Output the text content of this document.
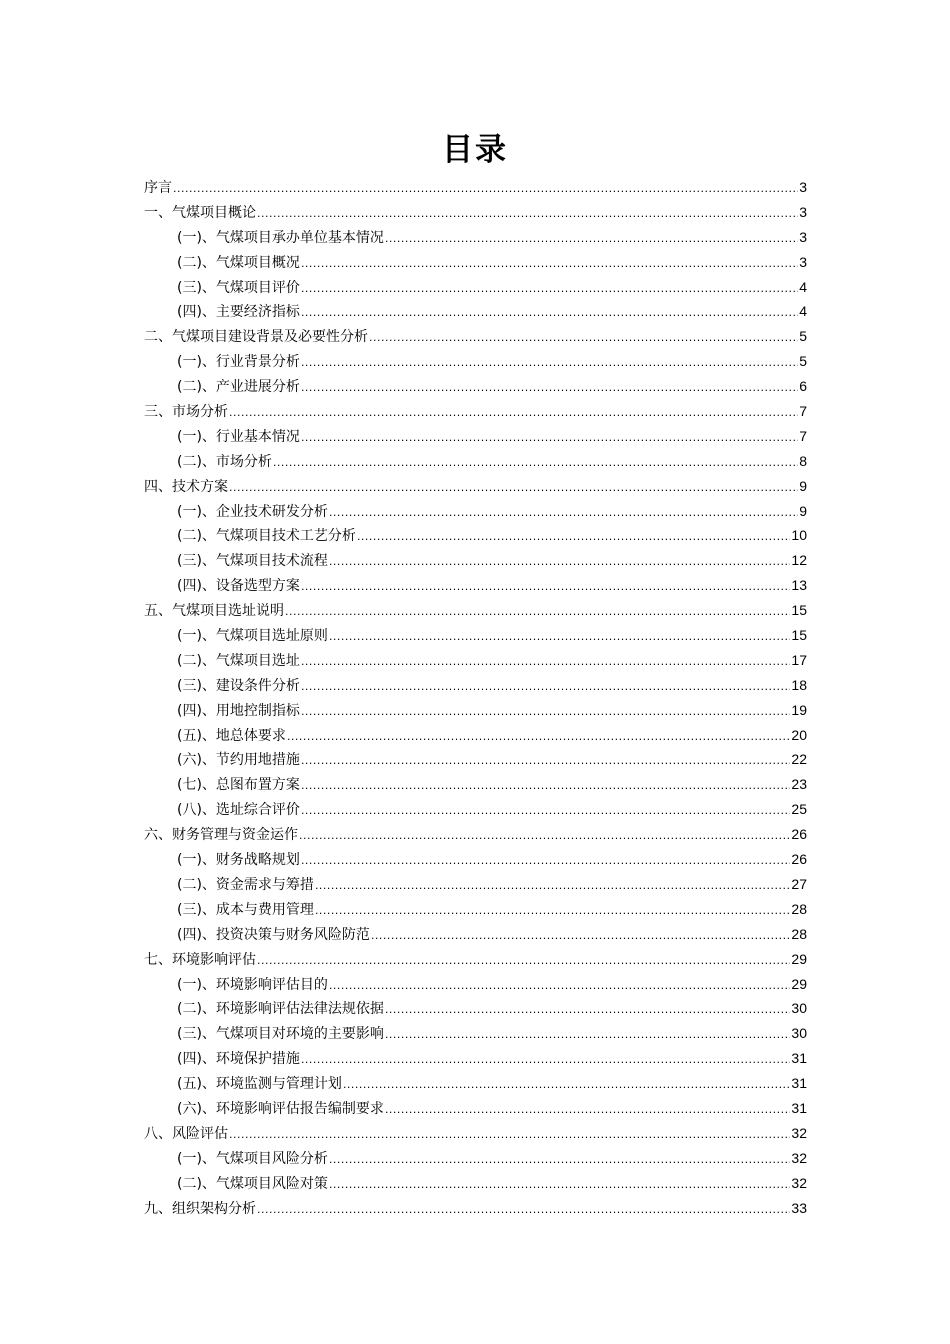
目录
序言 .....	3
一、气煤项目概论 .....	3
(一)、气煤项目承办单位基本情况 .....	3
(二)、气煤项目概况 .....	3
(三)、气煤项目评价 .....	4
(四)、主要经济指标 .....	4
二、气煤项目建设背景及必要性分析 .....	5
(一)、行业背景分析 .....	5
(二)、产业进展分析 .....	6
三、市场分析 .....	7
(一)、行业基本情况 .....	7
(二)、市场分析 .....	8
四、技术方案 .....	9
(一)、企业技术研发分析 .....	9
(二)、气煤项目技术工艺分析 .....	10
(三)、气煤项目技术流程 .....	12
(四)、设备选型方案 .....	13
五、气煤项目选址说明 .....	15
(一)、气煤项目选址原则 .....	15
(二)、气煤项目选址 .....	17
(三)、建设条件分析 .....	18
(四)、用地控制指标 .....	19
(五)、地总体要求 .....	20
(六)、节约用地措施 .....	22
(七)、总图布置方案 .....	23
(八)、选址综合评价 .....	25
六、财务管理与资金运作 .....	26
(一)、财务战略规划 .....	26
(二)、资金需求与筹措 .....	27
(三)、成本与费用管理 .....	28
(四)、投资决策与财务风险防范 .....	28
七、环境影响评估 .....	29
(一)、环境影响评估目的 .....	29
(二)、环境影响评估法律法规依据 .....	30
(三)、气煤项目对环境的主要影响 .....	30
(四)、环境保护措施 .....	31
(五)、环境监测与管理计划 .....	31
(六)、环境影响评估报告编制要求 .....	31
八、风险评估 .....	32
(一)、气煤项目风险分析 .....	32
(二)、气煤项目风险对策 .....	32
九、组织架构分析 .....	33
